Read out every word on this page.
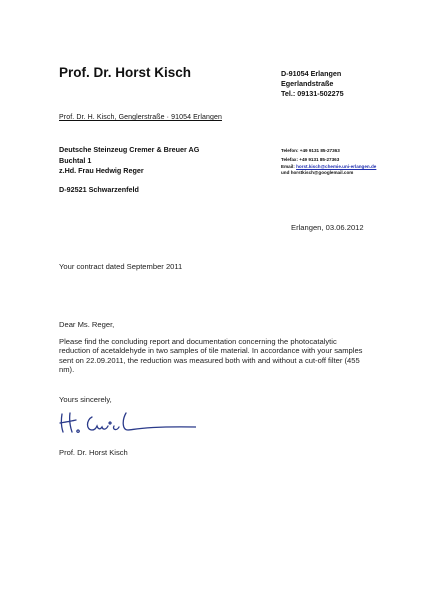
Prof. Dr. Horst Kisch	D-91054 Erlangen
Egerlandstraße
Tel.: 09131-502275
Prof. Dr. H. Kisch, Genglerstraße · 91054 Erlangen
Deutsche Steinzeug Cremer & Breuer AG
Buchtal 1
z.Hd. Frau Hedwig Reger
D-92521 Schwarzenfeld
Telefon: +49 9131 85-27363
Telefax: +49 9131 85-27363
Email: horst.kisch@chemie.uni-erlangen.de
und horstkisch@googlemail.com
Erlangen, 03.06.2012
Your contract dated September 2011
Dear Ms. Reger,
Please find the concluding report and documentation concerning the photocatalytic reduction of acetaldehyde in two samples of tile material. In accordance with your samples sent on 22.09.2011, the reduction was measured both with and without a cut-off filter (455 nm).
Yours sincerely,
Prof. Dr. Horst Kisch
